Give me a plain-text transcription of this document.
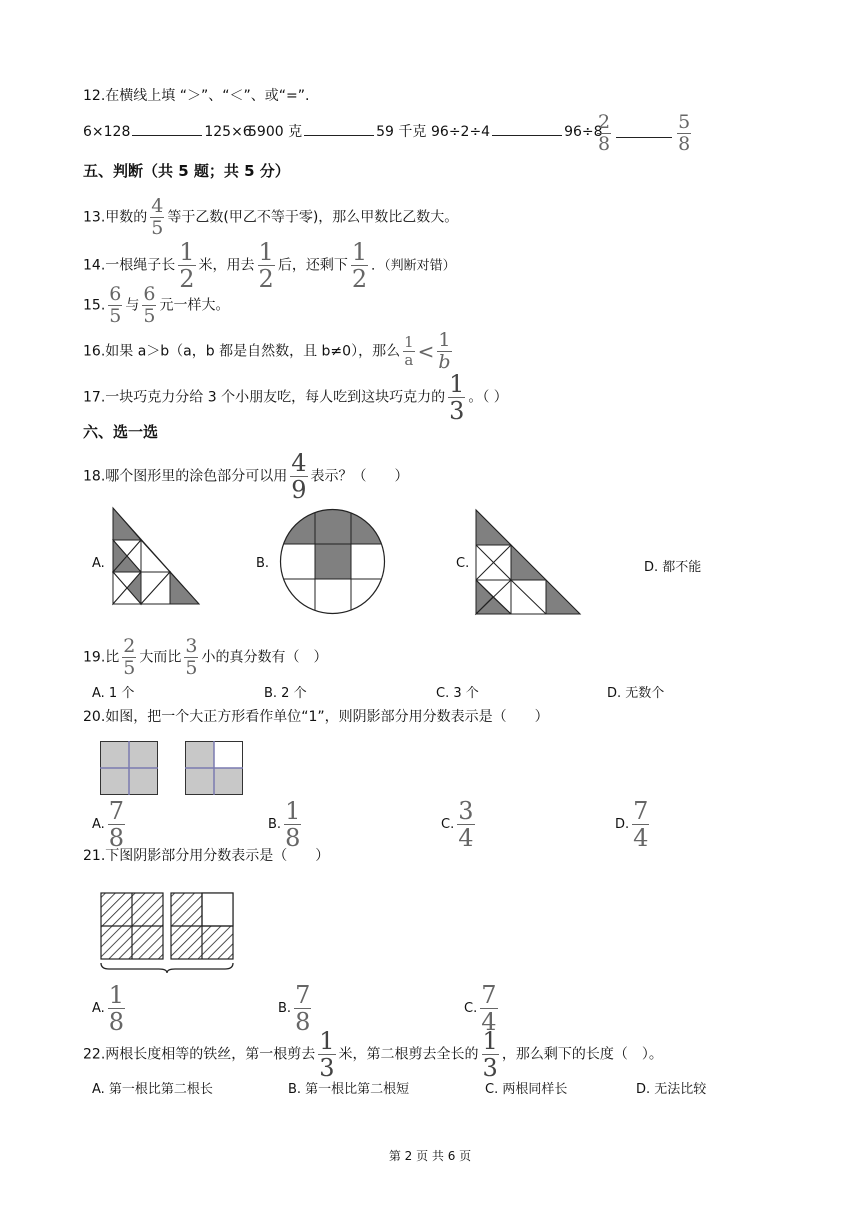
12.在横线上填 “＞”、“＜”、或“=”.
6×128	125×6
5900 克	59 千克 96÷2÷4	96÷8
$\frac{2}{8}$	$\frac{5}{8}$
五、判断（共 5 题；共 5 分）
13.甲数的 $\frac{4}{5}$ 等于乙数(甲乙不等于零)，那么甲数比乙数大。
14.一根绳子长 $\frac{1}{2}$ 米，用去 $\frac{1}{2}$ 后，还剩下 $\frac{1}{2}$ ．（判断对错）
15. $\frac{6}{5}$ 与 $\frac{6}{5}$ 元一样大。
16.如果 a＞b（a，b 都是自然数，且 b≠0），那么 $\frac{1}{a} < \frac{1}{b}$
17.一块巧克力分给 3 个小朋友吃，每人吃到这块巧克力的 $\frac{1}{3}$ 。（ ）
六、选一选
18.哪个图形里的涂色部分可以用 $\frac{4}{9}$ 表示？（　　）
A.	B.	C.	D. 都不能
19.比 $\frac{2}{5}$ 大而比 $\frac{3}{5}$ 小的真分数有（　）
A. 1 个	B. 2 个	C. 3 个	D. 无数个
20.如图，把一个大正方形看作单位“1”，则阴影部分用分数表示是（　　）
A. $\frac{7}{8}$	B. $\frac{1}{8}$	C. $\frac{3}{4}$	D. $\frac{7}{4}$
21.下图阴影部分用分数表示是（　　）
A. $\frac{1}{8}$	B. $\frac{7}{8}$	C. $\frac{7}{4}$
22.两根长度相等的铁丝，第一根剪去 $\frac{1}{3}$ 米，第二根剪去全长的 $\frac{1}{3}$ ，那么剩下的长度（　）。
A. 第一根比第二根长	B. 第一根比第二根短	C. 两根同样长	D. 无法比较
第 2 页 共 6 页
